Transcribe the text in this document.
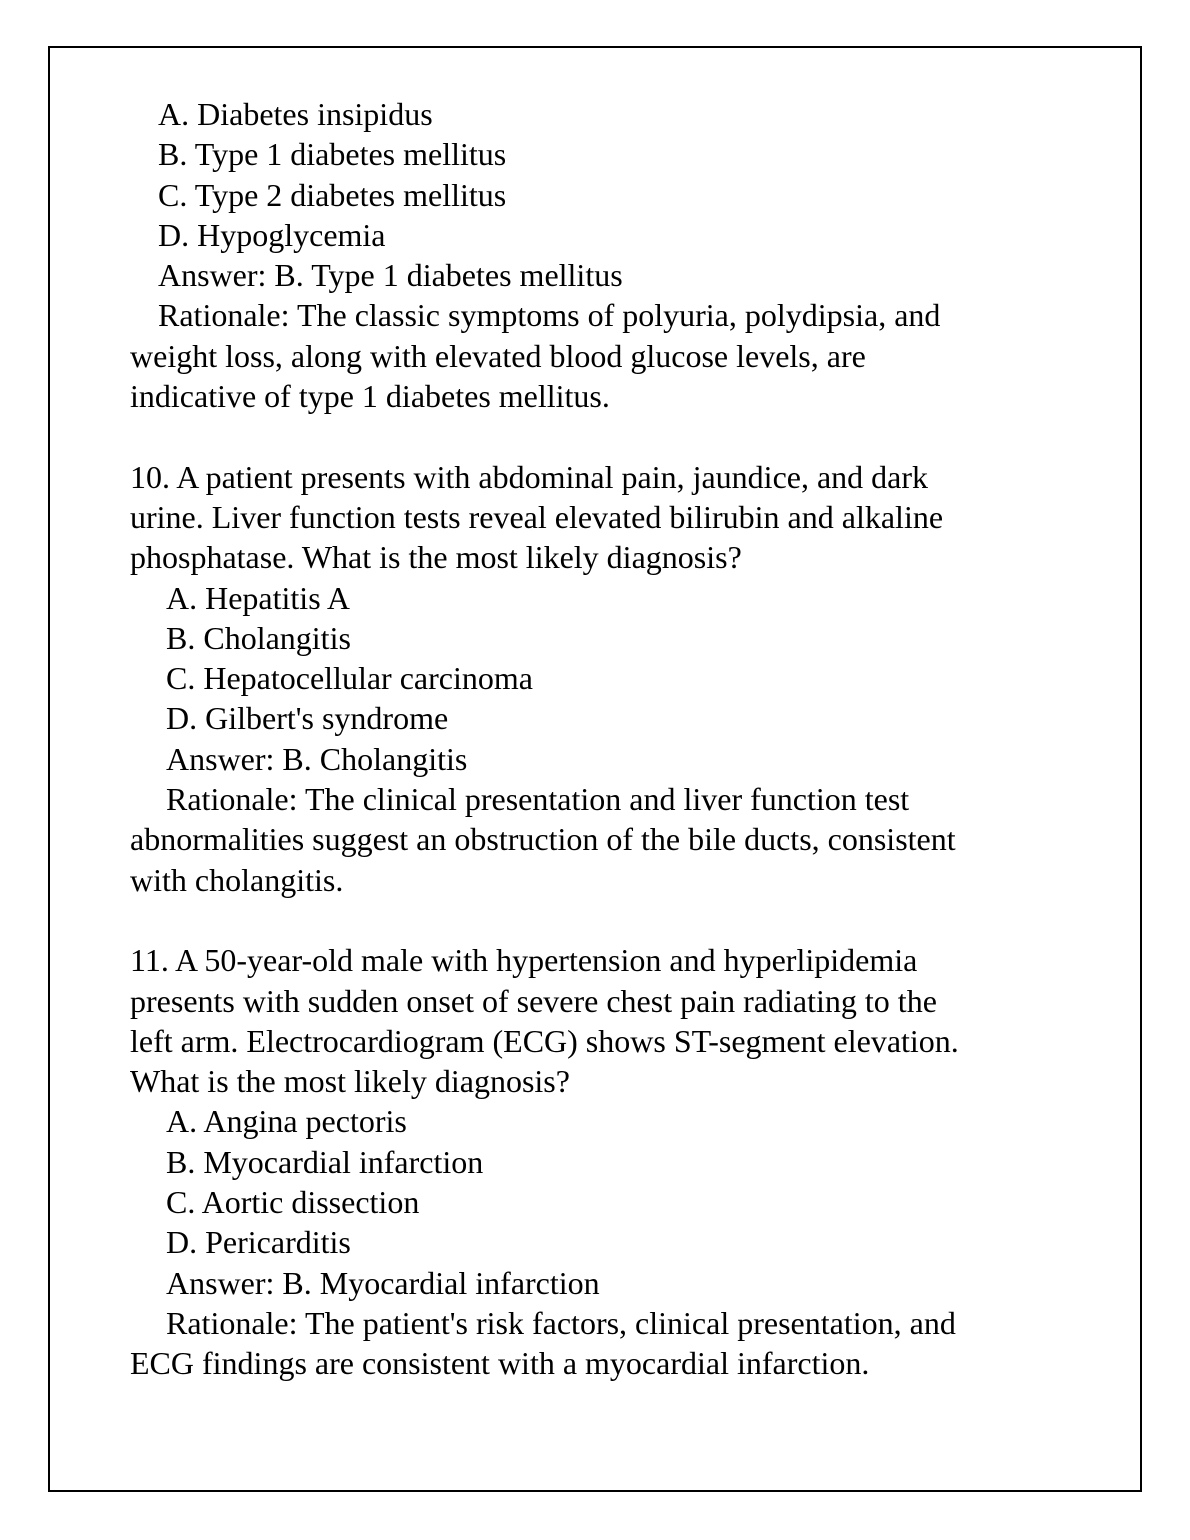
A. Diabetes insipidus
B. Type 1 diabetes mellitus
C. Type 2 diabetes mellitus
D. Hypoglycemia
Answer: B. Type 1 diabetes mellitus
Rationale: The classic symptoms of polyuria, polydipsia, and
weight loss, along with elevated blood glucose levels, are
indicative of type 1 diabetes mellitus.
10. A patient presents with abdominal pain, jaundice, and dark
urine. Liver function tests reveal elevated bilirubin and alkaline
phosphatase. What is the most likely diagnosis?
A. Hepatitis A
B. Cholangitis
C. Hepatocellular carcinoma
D. Gilbert's syndrome
Answer: B. Cholangitis
Rationale: The clinical presentation and liver function test
abnormalities suggest an obstruction of the bile ducts, consistent
with cholangitis.
11. A 50-year-old male with hypertension and hyperlipidemia
presents with sudden onset of severe chest pain radiating to the
left arm. Electrocardiogram (ECG) shows ST-segment elevation.
What is the most likely diagnosis?
A. Angina pectoris
B. Myocardial infarction
C. Aortic dissection
D. Pericarditis
Answer: B. Myocardial infarction
Rationale: The patient's risk factors, clinical presentation, and
ECG findings are consistent with a myocardial infarction.
